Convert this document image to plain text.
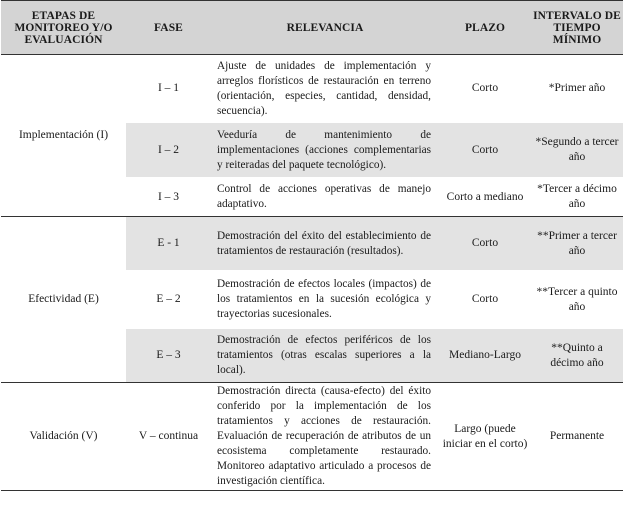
ETAPAS DE MONITOREO Y/O EVALUACIÓN	FASE	RELEVANCIA	PLAZO	INTERVALO DE TIEMPO MÍNIMO
Implementación (I)	I – 1	Ajuste de unidades de implementación y arreglos florísticos de restauración en terreno (orientación, especies, cantidad, densidad, secuencia).	Corto	*Primer año
	I – 2	Veeduría de mantenimiento de implementaciones (acciones complementarias y reiteradas del paquete tecnológico).	Corto	*Segundo a tercer año
	I – 3	Control de acciones operativas de manejo adaptativo.	Corto a mediano	*Tercer a décimo año
Efectividad (E)	E - 1	Demostración del éxito del establecimiento de tratamientos de restauración (resultados).	Corto	**Primer a tercer año
	E – 2	Demostración de efectos locales (impactos) de los tratamientos en la sucesión ecológica y trayectorias sucesionales.	Corto	**Tercer a quinto año
	E – 3	Demostración de efectos periféricos de los tratamientos (otras escalas superiores a la local).	Mediano-Largo	**Quinto a décimo año
Validación (V)	V – continua	Demostración directa (causa-efecto) del éxito conferido por la implementación de los tratamientos y acciones de restauración. Evaluación de recuperación de atributos de un ecosistema completamente restaurado. Monitoreo adaptativo articulado a procesos de investigación científica.	Largo (puede iniciar en el corto)	Permanente
